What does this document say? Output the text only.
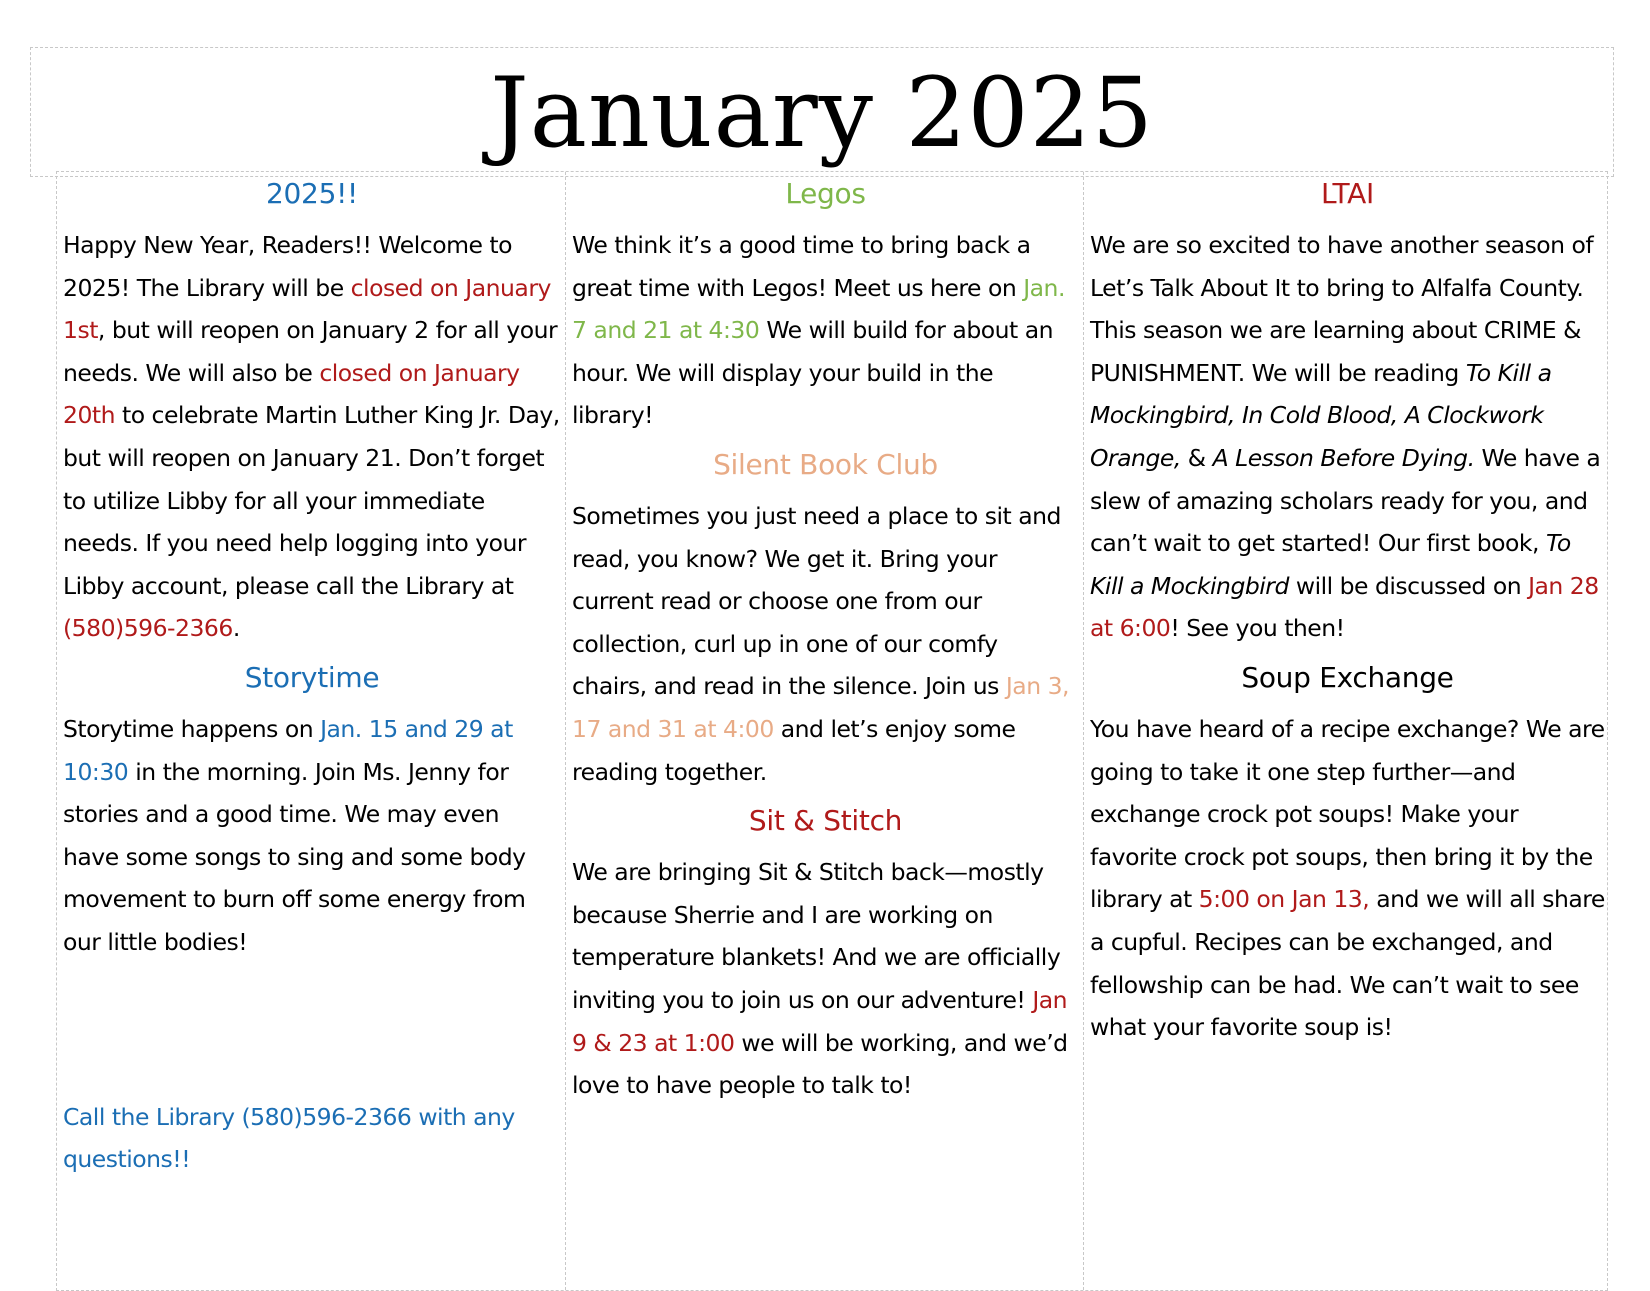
January 2025
2025!!

Happy New Year, Readers!! Welcome to 2025! The Library will be closed on January 1st, but will reopen on January 2 for all your needs. We will also be closed on January 20th to celebrate Martin Luther King Jr. Day, but will reopen on January 21. Don’t forget to utilize Libby for all your immediate needs. If you need help logging into your Libby account, please call the Library at (580)596-2366.

Storytime

Storytime happens on Jan. 15 and 29 at 10:30 in the morning. Join Ms. Jenny for stories and a good time. We may even have some songs to sing and some body movement to burn off some energy from our little bodies!

Call the Library (580)596-2366 with any questions!!

Legos

We think it’s a good time to bring back a great time with Legos! Meet us here on Jan. 7 and 21 at 4:30 We will build for about an hour. We will display your build in the library!

Silent Book Club

Sometimes you just need a place to sit and read, you know? We get it. Bring your current read or choose one from our collection, curl up in one of our comfy chairs, and read in the silence. Join us Jan 3, 17 and 31 at 4:00 and let’s enjoy some reading together.

Sit & Stitch

We are bringing Sit & Stitch back—mostly because Sherrie and I are working on temperature blankets! And we are officially inviting you to join us on our adventure! Jan 9 & 23 at 1:00 we will be working, and we’d love to have people to talk to!

LTAI

We are so excited to have another season of Let’s Talk About It to bring to Alfalfa County. This season we are learning about CRIME & PUNISHMENT. We will be reading To Kill a Mockingbird, In Cold Blood, A Clockwork Orange, & A Lesson Before Dying. We have a slew of amazing scholars ready for you, and can’t wait to get started! Our first book, To Kill a Mockingbird will be discussed on Jan 28 at 6:00! See you then!

Soup Exchange

You have heard of a recipe exchange? We are going to take it one step further—and exchange crock pot soups! Make your favorite crock pot soups, then bring it by the library at 5:00 on Jan 13, and we will all share a cupful. Recipes can be exchanged, and fellowship can be had. We can’t wait to see what your favorite soup is!
